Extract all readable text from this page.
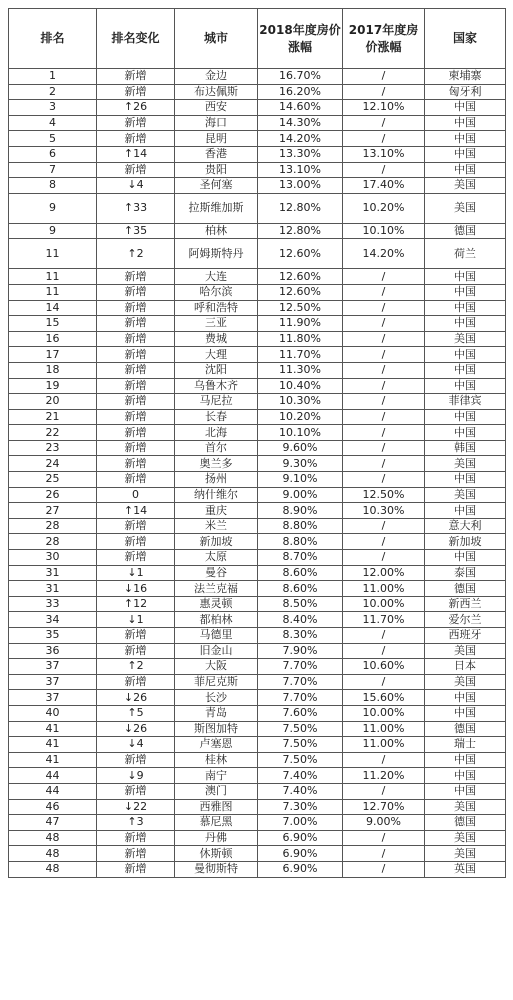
排名	排名变化	城市	2018年度房价涨幅	2017年度房价涨幅	国家
1	新增	金边	16.70%	/	柬埔寨
2	新增	布达佩斯	16.20%	/	匈牙利
3	↑26	西安	14.60%	12.10%	中国
4	新增	海口	14.30%	/	中国
5	新增	昆明	14.20%	/	中国
6	↑14	香港	13.30%	13.10%	中国
7	新增	贵阳	13.10%	/	中国
8	↓4	圣何塞	13.00%	17.40%	美国
9	↑33	拉斯维加斯	12.80%	10.20%	美国
9	↑35	柏林	12.80%	10.10%	德国
11	↑2	阿姆斯特丹	12.60%	14.20%	荷兰
11	新增	大连	12.60%	/	中国
11	新增	哈尔滨	12.60%	/	中国
14	新增	呼和浩特	12.50%	/	中国
15	新增	三亚	11.90%	/	中国
16	新增	费城	11.80%	/	美国
17	新增	大理	11.70%	/	中国
18	新增	沈阳	11.30%	/	中国
19	新增	乌鲁木齐	10.40%	/	中国
20	新增	马尼拉	10.30%	/	菲律宾
21	新增	长春	10.20%	/	中国
22	新增	北海	10.10%	/	中国
23	新增	首尔	9.60%	/	韩国
24	新增	奥兰多	9.30%	/	美国
25	新增	扬州	9.10%	/	中国
26	0	纳什维尔	9.00%	12.50%	美国
27	↑14	重庆	8.90%	10.30%	中国
28	新增	米兰	8.80%	/	意大利
28	新增	新加坡	8.80%	/	新加坡
30	新增	太原	8.70%	/	中国
31	↓1	曼谷	8.60%	12.00%	泰国
31	↓16	法兰克福	8.60%	11.00%	德国
33	↑12	惠灵顿	8.50%	10.00%	新西兰
34	↓1	都柏林	8.40%	11.70%	爱尔兰
35	新增	马德里	8.30%	/	西班牙
36	新增	旧金山	7.90%	/	美国
37	↑2	大阪	7.70%	10.60%	日本
37	新增	菲尼克斯	7.70%	/	美国
37	↓26	长沙	7.70%	15.60%	中国
40	↑5	青岛	7.60%	10.00%	中国
41	↓26	斯图加特	7.50%	11.00%	德国
41	↓4	卢塞恩	7.50%	11.00%	瑞士
41	新增	桂林	7.50%	/	中国
44	↓9	南宁	7.40%	11.20%	中国
44	新增	澳门	7.40%	/	中国
46	↓22	西雅图	7.30%	12.70%	美国
47	↑3	慕尼黑	7.00%	9.00%	德国
48	新增	丹佛	6.90%	/	美国
48	新增	休斯顿	6.90%	/	美国
48	新增	曼彻斯特	6.90%	/	英国
